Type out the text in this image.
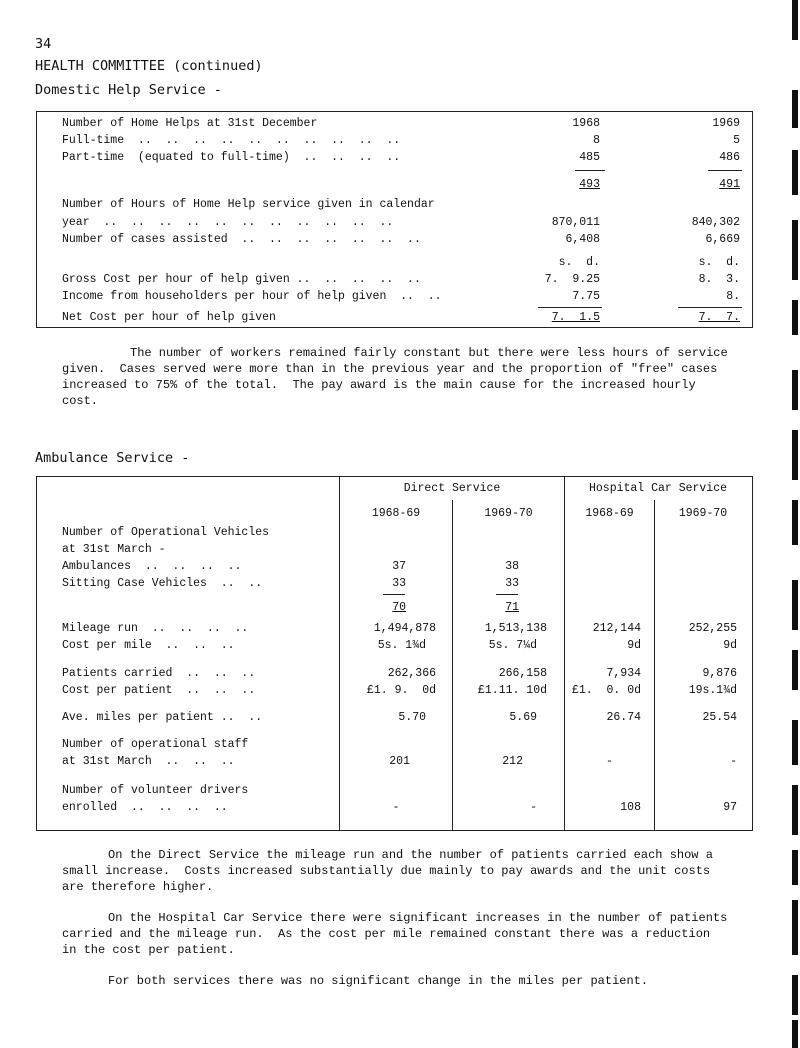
34
HEALTH COMMITTEE (continued)
Domestic Help Service -
1968	1969
Number of Home Helps at 31st December
Full-time  ..  ..  ..  ..  ..  ..  ..  ..  ..  ..	8	5
Part-time  (equated to full-time)  ..  ..  ..  ..	485	486
493	491
Number of Hours of Home Help service given in calendar
year  ..  ..  ..  ..  ..  ..  ..  ..  ..  ..  ..	870,011	840,302
Number of cases assisted  ..  ..  ..  ..  ..  ..  ..	6,408	6,669
s.  d.	s.  d.
Gross Cost per hour of help given ..  ..  ..  ..  ..	7.  9.25	8.  3.
Income from householders per hour of help given  ..  ..	7.75	8.
Net Cost per hour of help given	7.  1.5	7.  7.
The number of workers remained fairly constant but there were less hours of service
given.  Cases served were more than in the previous year and the proportion of "free" cases
increased to 75% of the total.  The pay award is the main cause for the increased hourly
cost.
Ambulance Service -
Direct Service	Hospital Car Service
1968-69	1969-70	1968-69	1969-70
Number of Operational Vehicles
at 31st March -
Ambulances  ..  ..  ..  ..	37	38
Sitting Case Vehicles  ..  ..	33	33
70	71
Mileage run  ..  ..  ..  ..	1,494,878	1,513,138	212,144	252,255
Cost per mile  ..  ..  ..	5s. 1¾d	5s. 7¼d	9d	9d
Patients carried  ..  ..  ..	262,366	266,158	7,934	9,876
Cost per patient  ..  ..  ..	£1. 9.  0d	£1.11. 10d	£1.  0. 0d	19s.1¾d
Ave. miles per patient ..  ..	5.70	5.69	26.74	25.54
Number of operational staff
at 31st March  ..  ..  ..	201	212	-	-
Number of volunteer drivers
enrolled  ..  ..  ..  ..	-	-	108	97
On the Direct Service the mileage run and the number of patients carried each show a
small increase.  Costs increased substantially due mainly to pay awards and the unit costs
are therefore higher.
On the Hospital Car Service there were significant increases in the number of patients
carried and the mileage run.  As the cost per mile remained constant there was a reduction
in the cost per patient.
For both services there was no significant change in the miles per patient.
